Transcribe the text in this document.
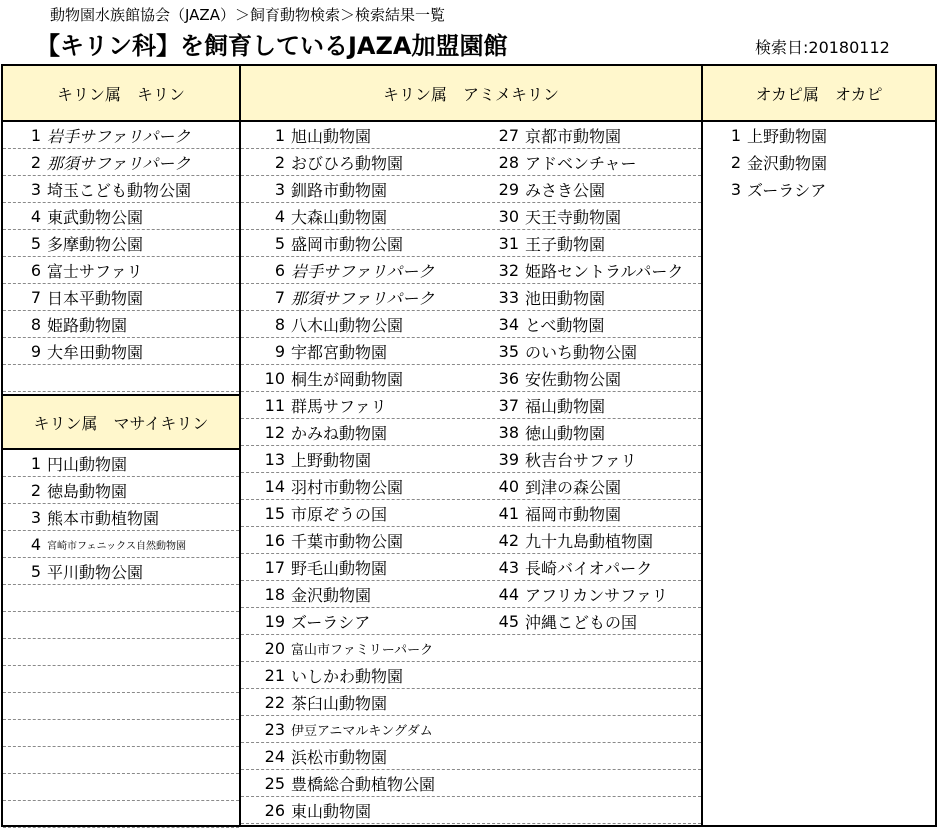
動物園水族館協会（JAZA）＞飼育動物検索＞検索結果一覧
【キリン科】を飼育しているJAZA加盟園館	検索日:20180112
キリン属　キリン
1 岩手サファリパーク
2 那須サファリパーク
3 埼玉こども動物公園
4 東武動物公園
5 多摩動物公園
6 富士サファリ
7 日本平動物園
8 姫路動物園
9 大牟田動物園
キリン属　マサイキリン
1 円山動物園
2 徳島動物園
3 熊本市動植物園
4 宮崎市フェニックス自然動物園
5 平川動物公園
キリン属　アミメキリン
1 旭山動物園
2 おびひろ動物園
3 釧路市動物園
4 大森山動物園
5 盛岡市動物公園
6 岩手サファリパーク
7 那須サファリパーク
8 八木山動物公園
9 宇都宮動物園
10 桐生が岡動物園
11 群馬サファリ
12 かみね動物園
13 上野動物園
14 羽村市動物公園
15 市原ぞうの国
16 千葉市動物公園
17 野毛山動物園
18 金沢動物園
19 ズーラシア
20 富山市ファミリーパーク
21 いしかわ動物園
22 茶臼山動物園
23 伊豆アニマルキングダム
24 浜松市動物園
25 豊橋総合動植物公園
26 東山動物園
27 京都市動物園
28 アドベンチャー
29 みさき公園
30 天王寺動物園
31 王子動物園
32 姫路セントラルパーク
33 池田動物園
34 とべ動物園
35 のいち動物公園
36 安佐動物公園
37 福山動物園
38 徳山動物園
39 秋吉台サファリ
40 到津の森公園
41 福岡市動物園
42 九十九島動植物園
43 長崎バイオパーク
44 アフリカンサファリ
45 沖縄こどもの国
オカピ属　オカピ
1 上野動物園
2 金沢動物園
3 ズーラシア
